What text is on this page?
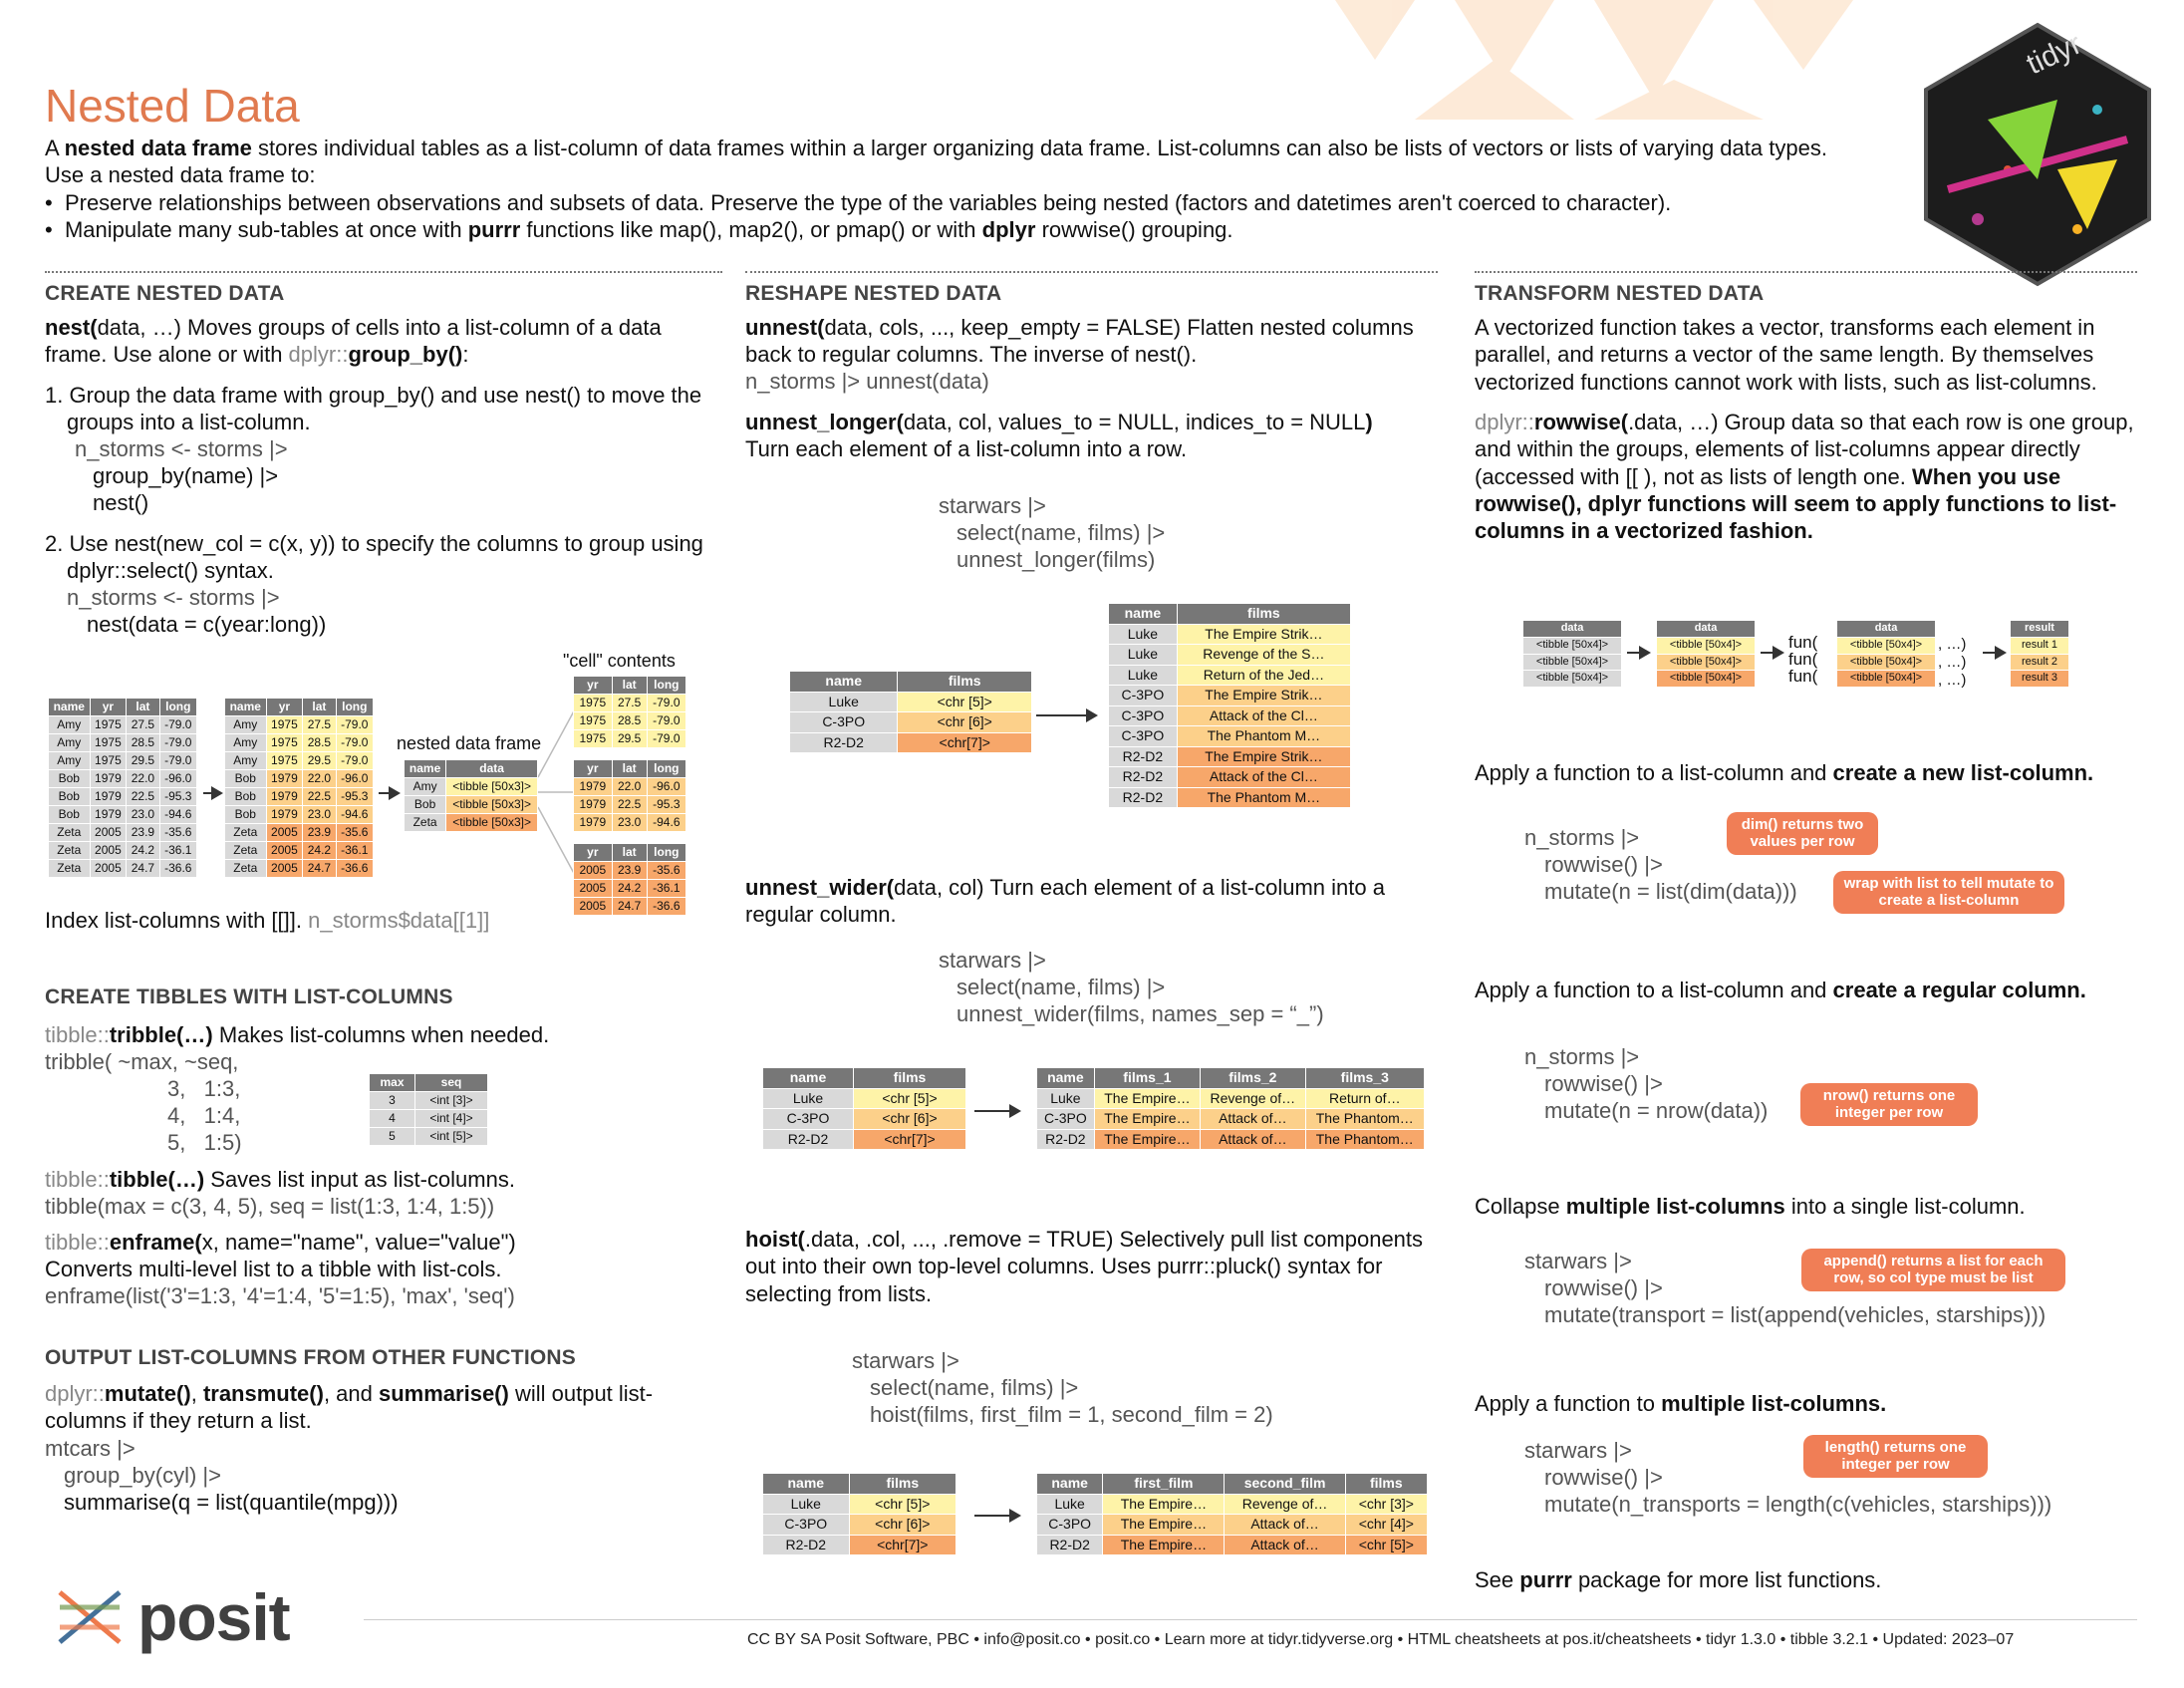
tidyr
Nested Data

A nested data frame stores individual tables as a list-column of data frames within a larger organizing data frame. List-columns can also be lists of vectors or lists of varying data types.

Use a nested data frame to:

•  Preserve relationships between observations and subsets of data. Preserve the type of the variables being nested (factors and datetimes aren't coerced to character).

•  Manipulate many sub-tables at once with purrr functions like map(), map2(), or pmap() or with dplyr rowwise() grouping.

CREATE NESTED DATA
nest(data, …) Moves groups of cells into a list-column of a data frame. Use alone or with dplyr::group_by():
1. Group the data frame with group_by() and use nest() to move the groups into a list-column.
n_storms <- storms |>
group_by(name) |>
nest()
2. Use nest(new_col = c(x, y)) to specify the columns to group using dplyr::select() syntax.
n_storms <- storms |>
nest(data = c(year:long))
"cell" contents
nested data frame
name	yr	lat	long
Amy	1975	27.5	-79.0
Amy	1975	28.5	-79.0
Amy	1975	29.5	-79.0
Bob	1979	22.0	-96.0
Bob	1979	22.5	-95.3
Bob	1979	23.0	-94.6
Zeta	2005	23.9	-35.6
Zeta	2005	24.2	-36.1
Zeta	2005	24.7	-36.6
name	yr	lat	long
Amy	1975	27.5	-79.0
Amy	1975	28.5	-79.0
Amy	1975	29.5	-79.0
Bob	1979	22.0	-96.0
Bob	1979	22.5	-95.3
Bob	1979	23.0	-94.6
Zeta	2005	23.9	-35.6
Zeta	2005	24.2	-36.1
Zeta	2005	24.7	-36.6
name	data
Amy	<tibble [50x3]>
Bob	<tibble [50x3]>
Zeta	<tibble [50x3]>
yr	lat	long
1975	27.5	-79.0
1975	28.5	-79.0
1975	29.5	-79.0
yr	lat	long
1979	22.0	-96.0
1979	22.5	-95.3
1979	23.0	-94.6
yr	lat	long
2005	23.9	-35.6
2005	24.2	-36.1
2005	24.7	-36.6
Index list-columns with [[]]. n_storms$data[[1]]
CREATE TIBBLES WITH LIST-COLUMNS
tibble::tribble(…) Makes list-columns when needed.
tribble( ~max, ~seq,
3,   1:3,
4,   1:4,
5,   1:5)
max	seq
3	<int [3]>
4	<int [4]>
5	<int [5]>
tibble::tibble(…) Saves list input as list-columns.
tibble(max = c(3, 4, 5), seq = list(1:3, 1:4, 1:5))
tibble::enframe(x, name="name", value="value")
Converts multi-level list to a tibble with list-cols.
enframe(list('3'=1:3, '4'=1:4, '5'=1:5), 'max', 'seq')
OUTPUT LIST-COLUMNS FROM OTHER FUNCTIONS
dplyr::mutate(), transmute(), and summarise() will output list-columns if they return a list.
mtcars |>
group_by(cyl) |>
summarise(q = list(quantile(mpg)))
posit
RESHAPE NESTED DATA
unnest(data, cols, ..., keep_empty = FALSE) Flatten nested columns back to regular columns. The inverse of nest().
n_storms |> unnest(data)
unnest_longer(data, col, values_to = NULL, indices_to = NULL)
Turn each element of a list-column into a row.
starwars |>
select(name, films) |>
unnest_longer(films)
name	films
Luke	<chr [5]>
C-3PO	<chr [6]>
R2-D2	<chr[7]>
name	films
Luke	The Empire Strik…
Luke	Revenge of the S…
Luke	Return of the Jed…
C-3PO	The Empire Strik…
C-3PO	Attack of the Cl…
C-3PO	The Phantom M…
R2-D2	The Empire Strik…
R2-D2	Attack of the Cl…
R2-D2	The Phantom M…
unnest_wider(data, col) Turn each element of a list-column into a regular column.
starwars |>
select(name, films) |>
unnest_wider(films, names_sep = “_”)
name	films
Luke	<chr [5]>
C-3PO	<chr [6]>
R2-D2	<chr[7]>
name	films_1	films_2	films_3
Luke	The Empire…	Revenge of…	Return of…
C-3PO	The Empire…	Attack of…	The Phantom…
R2-D2	The Empire…	Attack of…	The Phantom…
hoist(.data, .col, ..., .remove = TRUE) Selectively pull list components out into their own top-level columns. Uses purrr::pluck() syntax for selecting from lists.
starwars |>
select(name, films) |>
hoist(films, first_film = 1, second_film = 2)
name	films
Luke	<chr [5]>
C-3PO	<chr [6]>
R2-D2	<chr[7]>
name	first_film	second_film	films
Luke	The Empire…	Revenge of…	<chr [3]>
C-3PO	The Empire…	Attack of…	<chr [4]>
R2-D2	The Empire…	Attack of…	<chr [5]>
TRANSFORM NESTED DATA
A vectorized function takes a vector, transforms each element in parallel, and returns a vector of the same length. By themselves vectorized functions cannot work with lists, such as list-columns.
dplyr::rowwise(.data, …) Group data so that each row is one group, and within the groups, elements of list-columns appear directly (accessed with [[ ), not as lists of length one. When you use rowwise(), dplyr functions will seem to apply functions to list-columns in a vectorized fashion.
data
<tibble [50x4]>
<tibble [50x4]>
<tibble [50x4]>
data
<tibble [50x4]>
<tibble [50x4]>
<tibble [50x4]>
fun(
fun(
fun(
data
<tibble [50x4]>
<tibble [50x4]>
<tibble [50x4]>
, …)
, …)
, …)
result
result 1
result 2
result 3
Apply a function to a list-column and create a new list-column.
n_storms |>
rowwise() |>
mutate(n = list(dim(data)))
dim() returns two values per row
wrap with list to tell mutate to create a list-column
Apply a function to a list-column and create a regular column.
n_storms |>
rowwise() |>
mutate(n = nrow(data))
nrow() returns one integer per row
Collapse multiple list-columns into a single list-column.
starwars |>
rowwise() |>
mutate(transport = list(append(vehicles, starships)))
append() returns a list for each row, so col type must be list
Apply a function to multiple list-columns.
starwars |>
rowwise() |>
mutate(n_transports = length(c(vehicles, starships)))
length() returns one integer per row
See purrr package for more list functions.
CC BY SA Posit Software, PBC • info@posit.co • posit.co • Learn more at tidyr.tidyverse.org • HTML cheatsheets at pos.it/cheatsheets • tidyr 1.3.0 • tibble 3.2.1 • Updated: 2023–07
